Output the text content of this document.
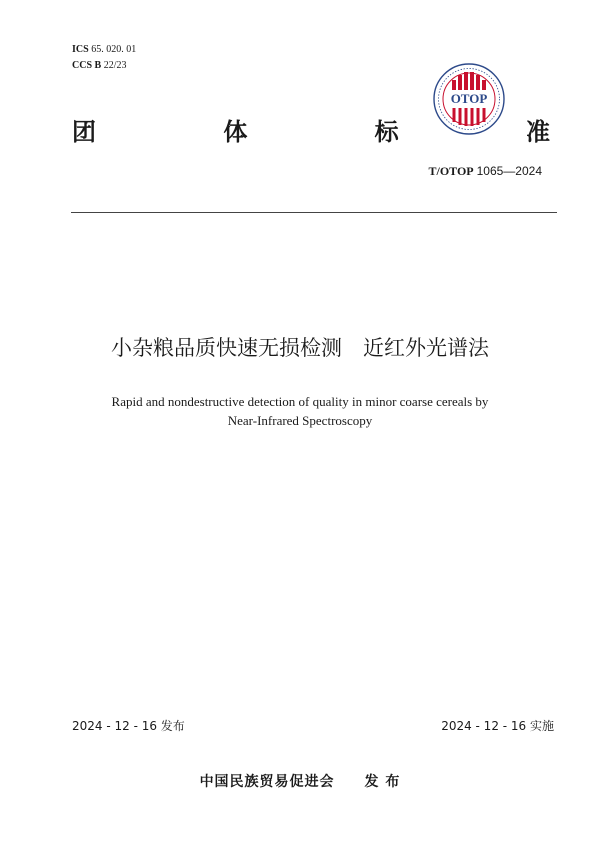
ICS 65. 020. 01
CCS B 22/23
OTOP
团	体	标	准
T/OTOP 1065—2024
小杂粮品质快速无损检测　近红外光谱法
Rapid and nondestructive detection of quality in minor coarse cereals by
Near-Infrared Spectroscopy
2024 - 12 - 16 发布	2024 - 12 - 16 实施
中国民族贸易促进会　　发 布
